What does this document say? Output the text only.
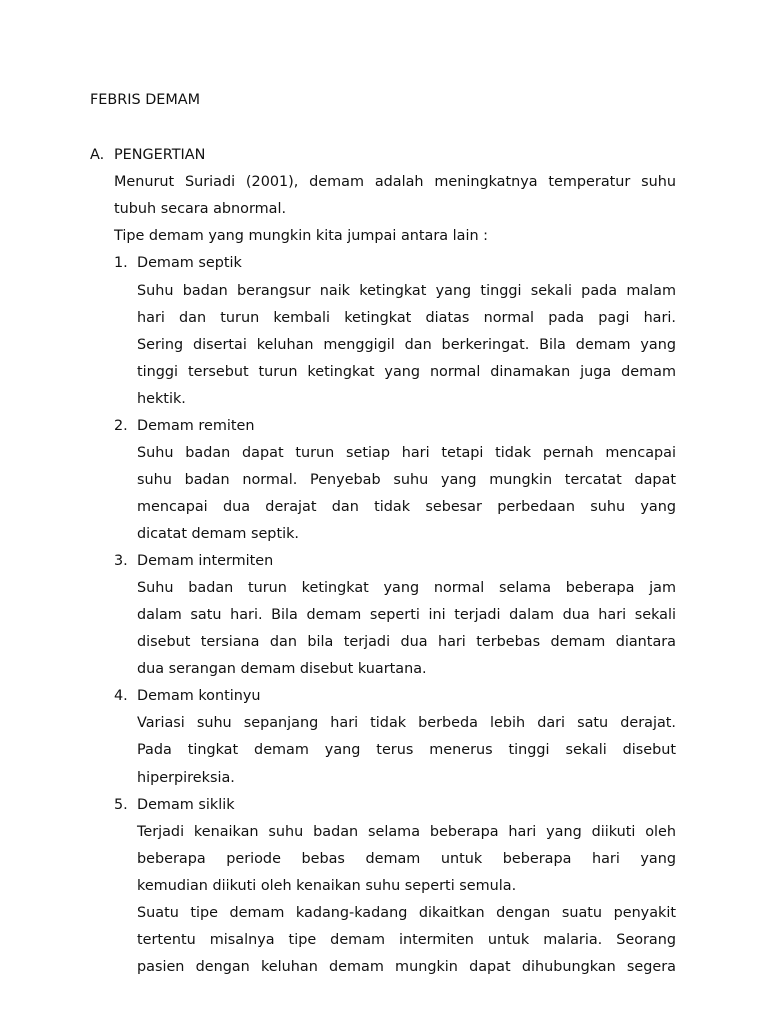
FEBRIS DEMAM
A. PENGERTIAN
Menurut Suriadi (2001), demam adalah meningkatnya temperatur suhu
tubuh secara abnormal.
Tipe demam yang mungkin kita jumpai antara lain :
1. Demam septik
Suhu badan berangsur naik ketingkat yang tinggi sekali pada malam
hari dan turun kembali ketingkat diatas normal pada pagi hari.
Sering disertai keluhan menggigil dan berkeringat. Bila demam yang
tinggi tersebut turun ketingkat yang normal dinamakan juga demam
hektik.
2. Demam remiten
Suhu badan dapat turun setiap hari tetapi tidak pernah mencapai
suhu badan normal. Penyebab suhu yang mungkin tercatat dapat
mencapai dua derajat dan tidak sebesar perbedaan suhu yang
dicatat demam septik.
3. Demam intermiten
Suhu badan turun ketingkat yang normal selama beberapa jam
dalam satu hari. Bila demam seperti ini terjadi dalam dua hari sekali
disebut tersiana dan bila terjadi dua hari terbebas demam diantara
dua serangan demam disebut kuartana.
4. Demam kontinyu
Variasi suhu sepanjang hari tidak berbeda lebih dari satu derajat.
Pada tingkat demam yang terus menerus tinggi sekali disebut
hiperpireksia.
5. Demam siklik
Terjadi kenaikan suhu badan selama beberapa hari yang diikuti oleh
beberapa periode bebas demam untuk beberapa hari yang
kemudian diikuti oleh kenaikan suhu seperti semula.
Suatu tipe demam kadang-kadang dikaitkan dengan suatu penyakit
tertentu misalnya tipe demam intermiten untuk malaria. Seorang
pasien dengan keluhan demam mungkin dapat dihubungkan segera
